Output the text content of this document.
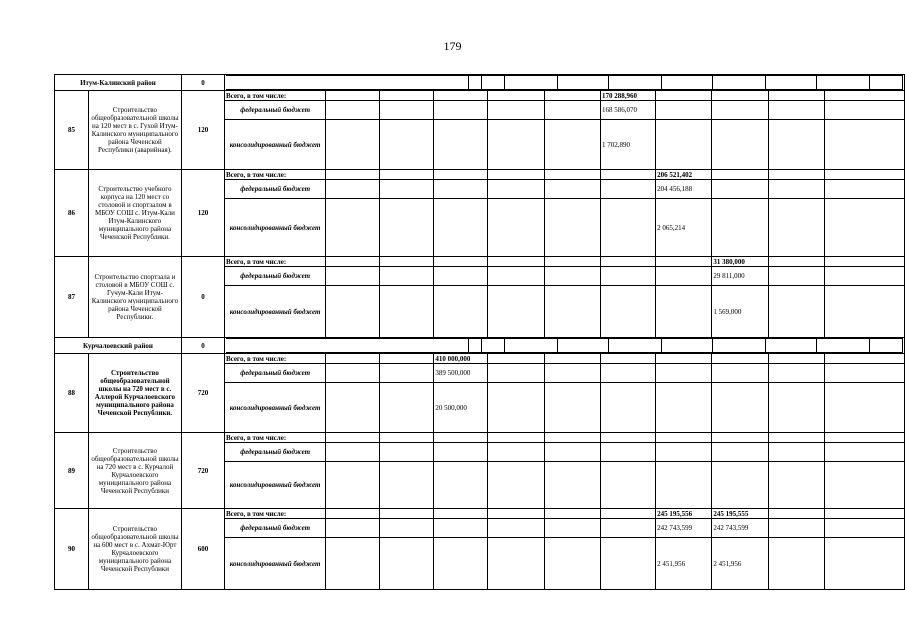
179
Итум-Калинский район	0	

85	Строительство общеобразовательной школы на 120 мест в с. Гухой Итум-Калинского муниципального района Чеченской Республики (аварийная).	120	Всего, в том числе:						170 288,960				
федеральный бюджет						168 586,070				
консолидированный бюджет						1 702,890				
86	Строительство учебного корпуса на 120 мест со столовой и спортзалом в МБОУ СОШ с. Итум-Кали Итум-Калинского муниципального района Чеченской Республики.	120	Всего, в том числе:							206 521,402			
федеральный бюджет							204 456,188			
консолидированный бюджет							2 065,214			
87	Строительство спортзала и столовой в МБОУ СОШ с. Гучум-Кали Итум-Калинского муниципального района Чеченской Республики.	0	Всего, в том числе:								31 380,000		
федеральный бюджет								29 811,000		
консолидированный бюджет								1 569,000		
Курчалоевский район	0	

88	Строительство общеобразовательной школы на 720 мест в с. Аллерой Курчалоевского муниципального района Чеченской Республики.	720	Всего, в том числе:			410 000,000							
федеральный бюджет			389 500,000							
консолидированный бюджет			20 500,000							
89	Строительство общеобразовательной школы на 720 мест в с. Курчалой Курчалоевского муниципального района Чеченской Республики	720	Всего, в том числе:										
федеральный бюджет										
консолидированный бюджет										
90	Строительство общеобразовательной школы на 600 мест в с. Ахмат-Юрт Курчалоевского муниципального района Чеченской Республики	600	Всего, в том числе:							245 195,556	245 195,555		
федеральный бюджет							242 743,599	242 743,599		
консолидированный бюджет							2 451,956	2 451,956		
